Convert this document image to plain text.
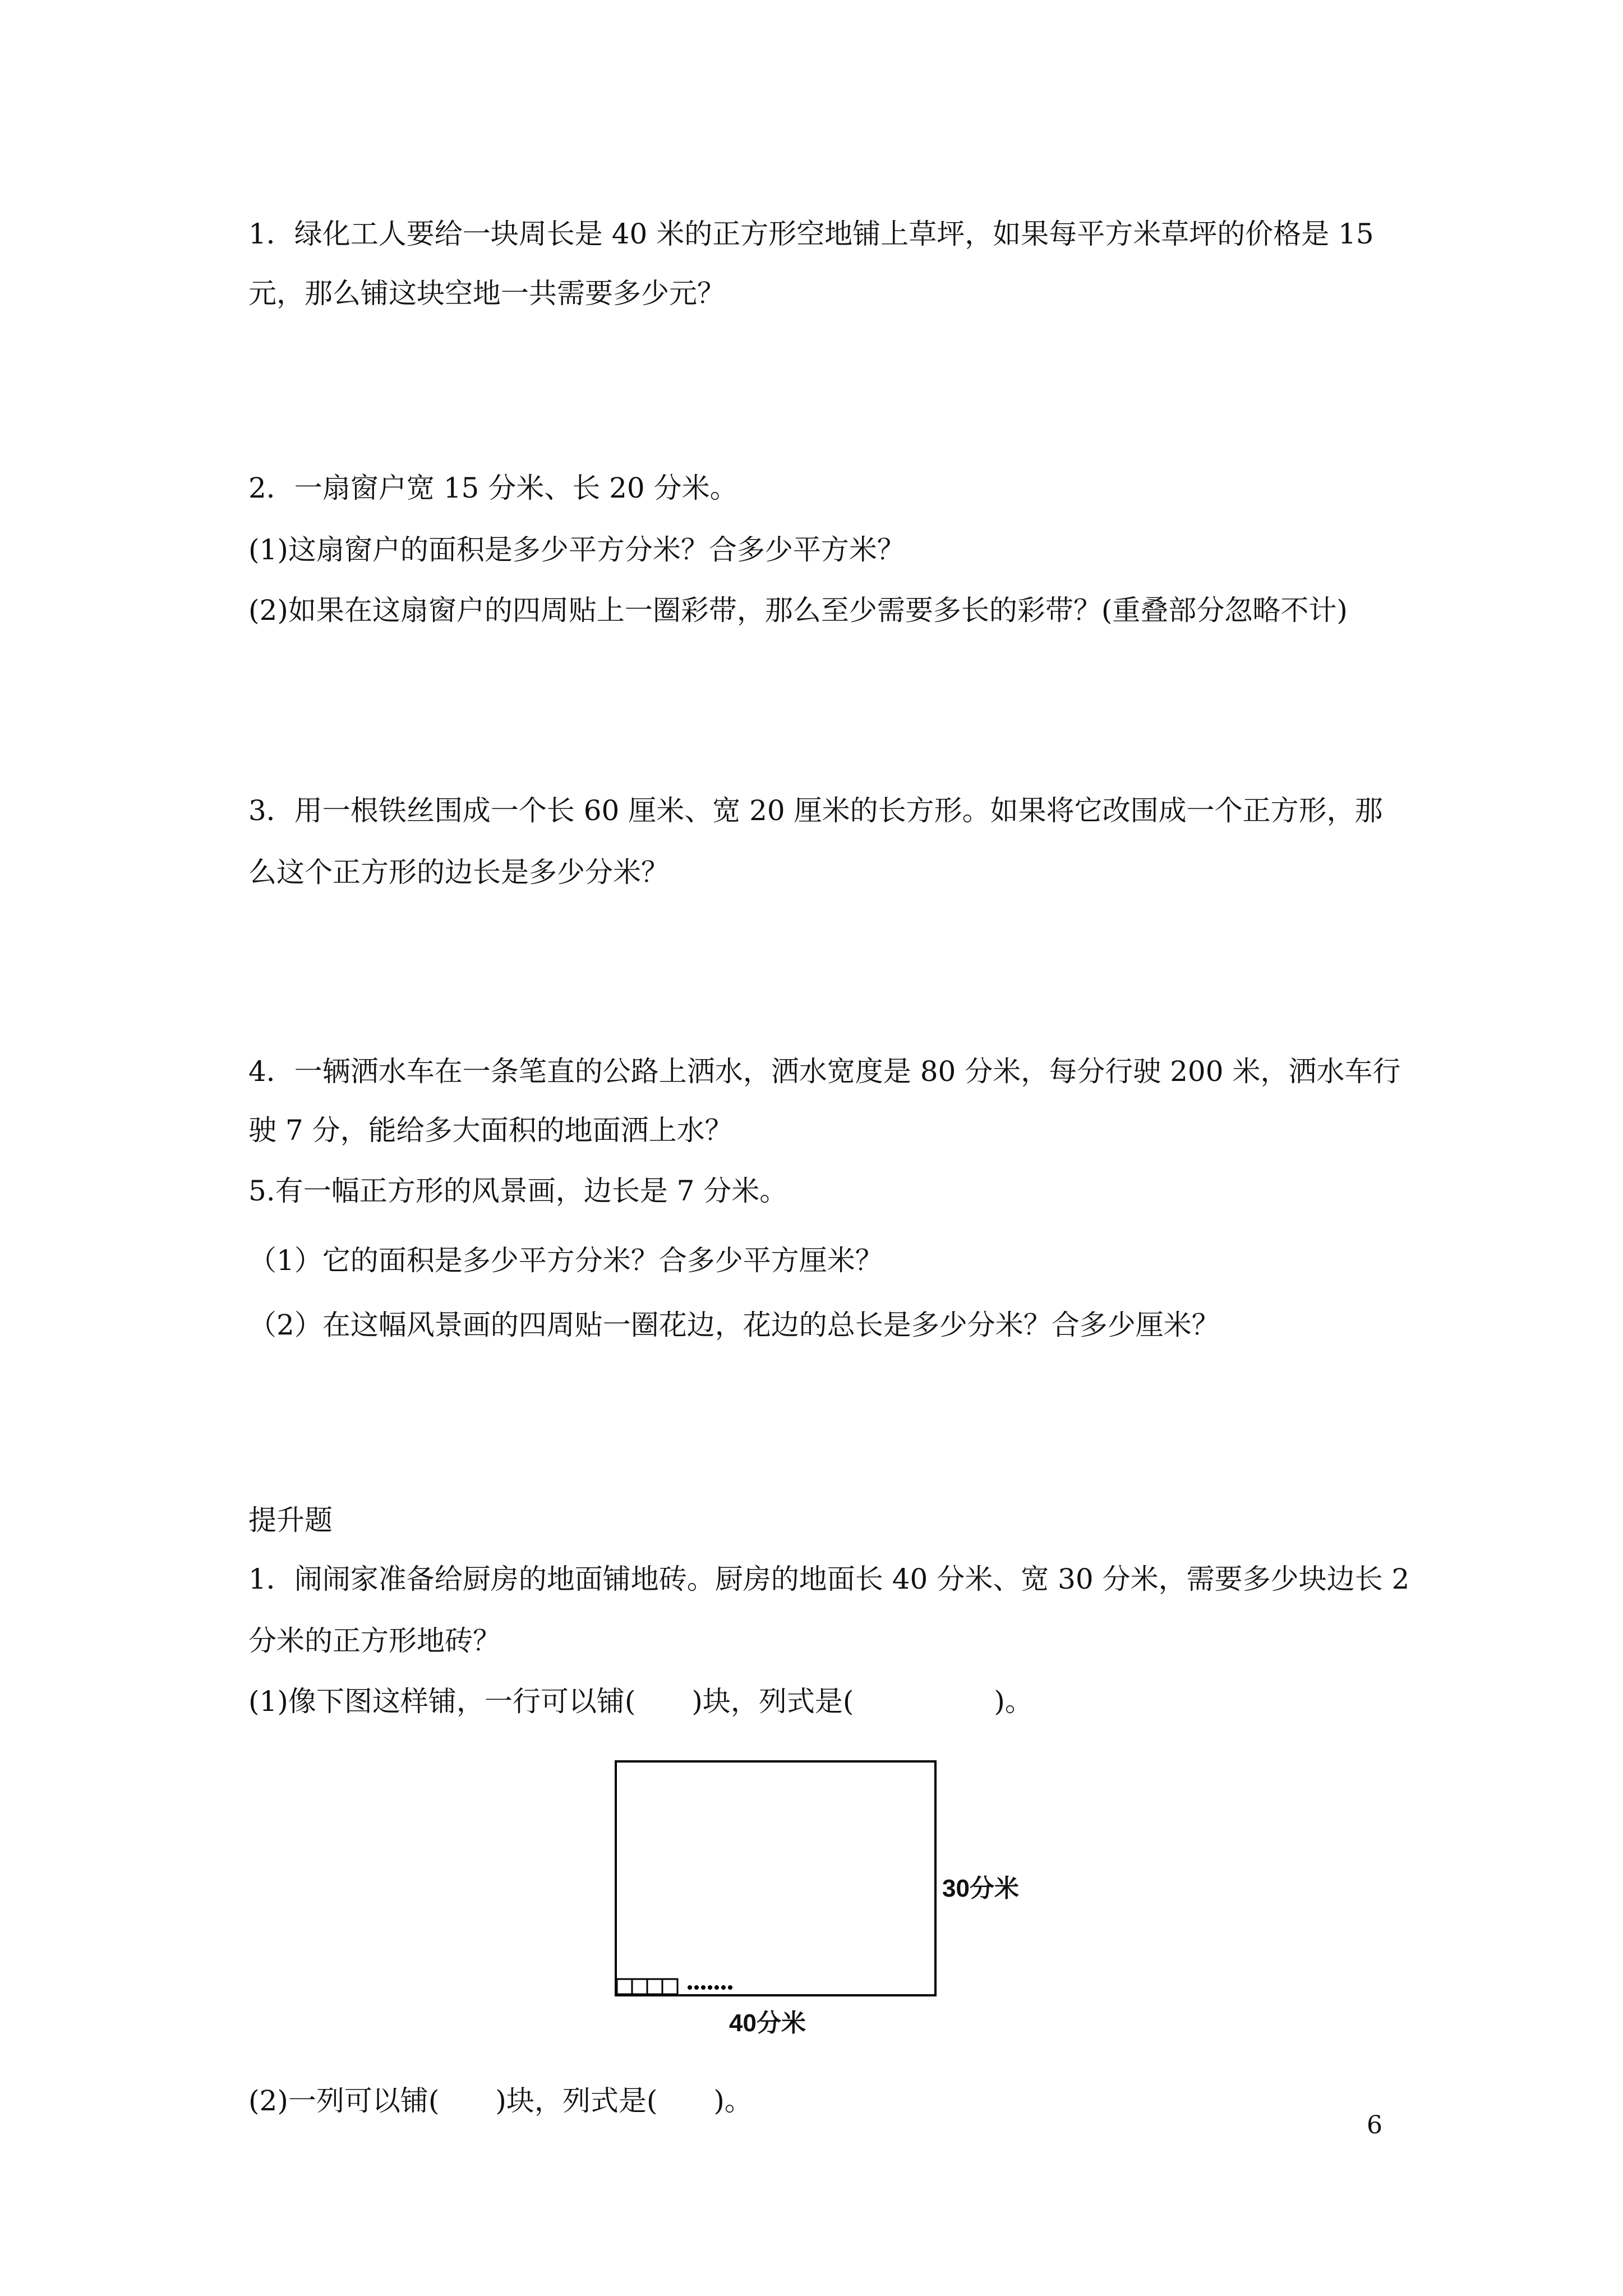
1．绿化工人要给一块周长是 40 米的正方形空地铺上草坪，如果每平方米草坪的价格是 15
元，那么铺这块空地一共需要多少元？
2．一扇窗户宽 15 分米、长 20 分米。
(1)这扇窗户的面积是多少平方分米？合多少平方米？
(2)如果在这扇窗户的四周贴上一圈彩带，那么至少需要多长的彩带？(重叠部分忽略不计)
3．用一根铁丝围成一个长 60 厘米、宽 20 厘米的长方形。如果将它改围成一个正方形，那
么这个正方形的边长是多少分米？
4．一辆洒水车在一条笔直的公路上洒水，洒水宽度是 80 分米，每分行驶 200 米，洒水车行
驶 7 分，能给多大面积的地面洒上水？
5.有一幅正方形的风景画，边长是 7 分米。
（1）它的面积是多少平方分米？合多少平方厘米？
（2）在这幅风景画的四周贴一圈花边，花边的总长是多少分米？合多少厘米？
提升题
1．闹闹家准备给厨房的地面铺地砖。厨房的地面长 40 分米、宽 30 分米，需要多少块边长 2
分米的正方形地砖？
(1)像下图这样铺，一行可以铺(　　)块，列式是(　　　　　)。
30分米
40分米
(2)一列可以铺(　　)块，列式是(　　)。
6
